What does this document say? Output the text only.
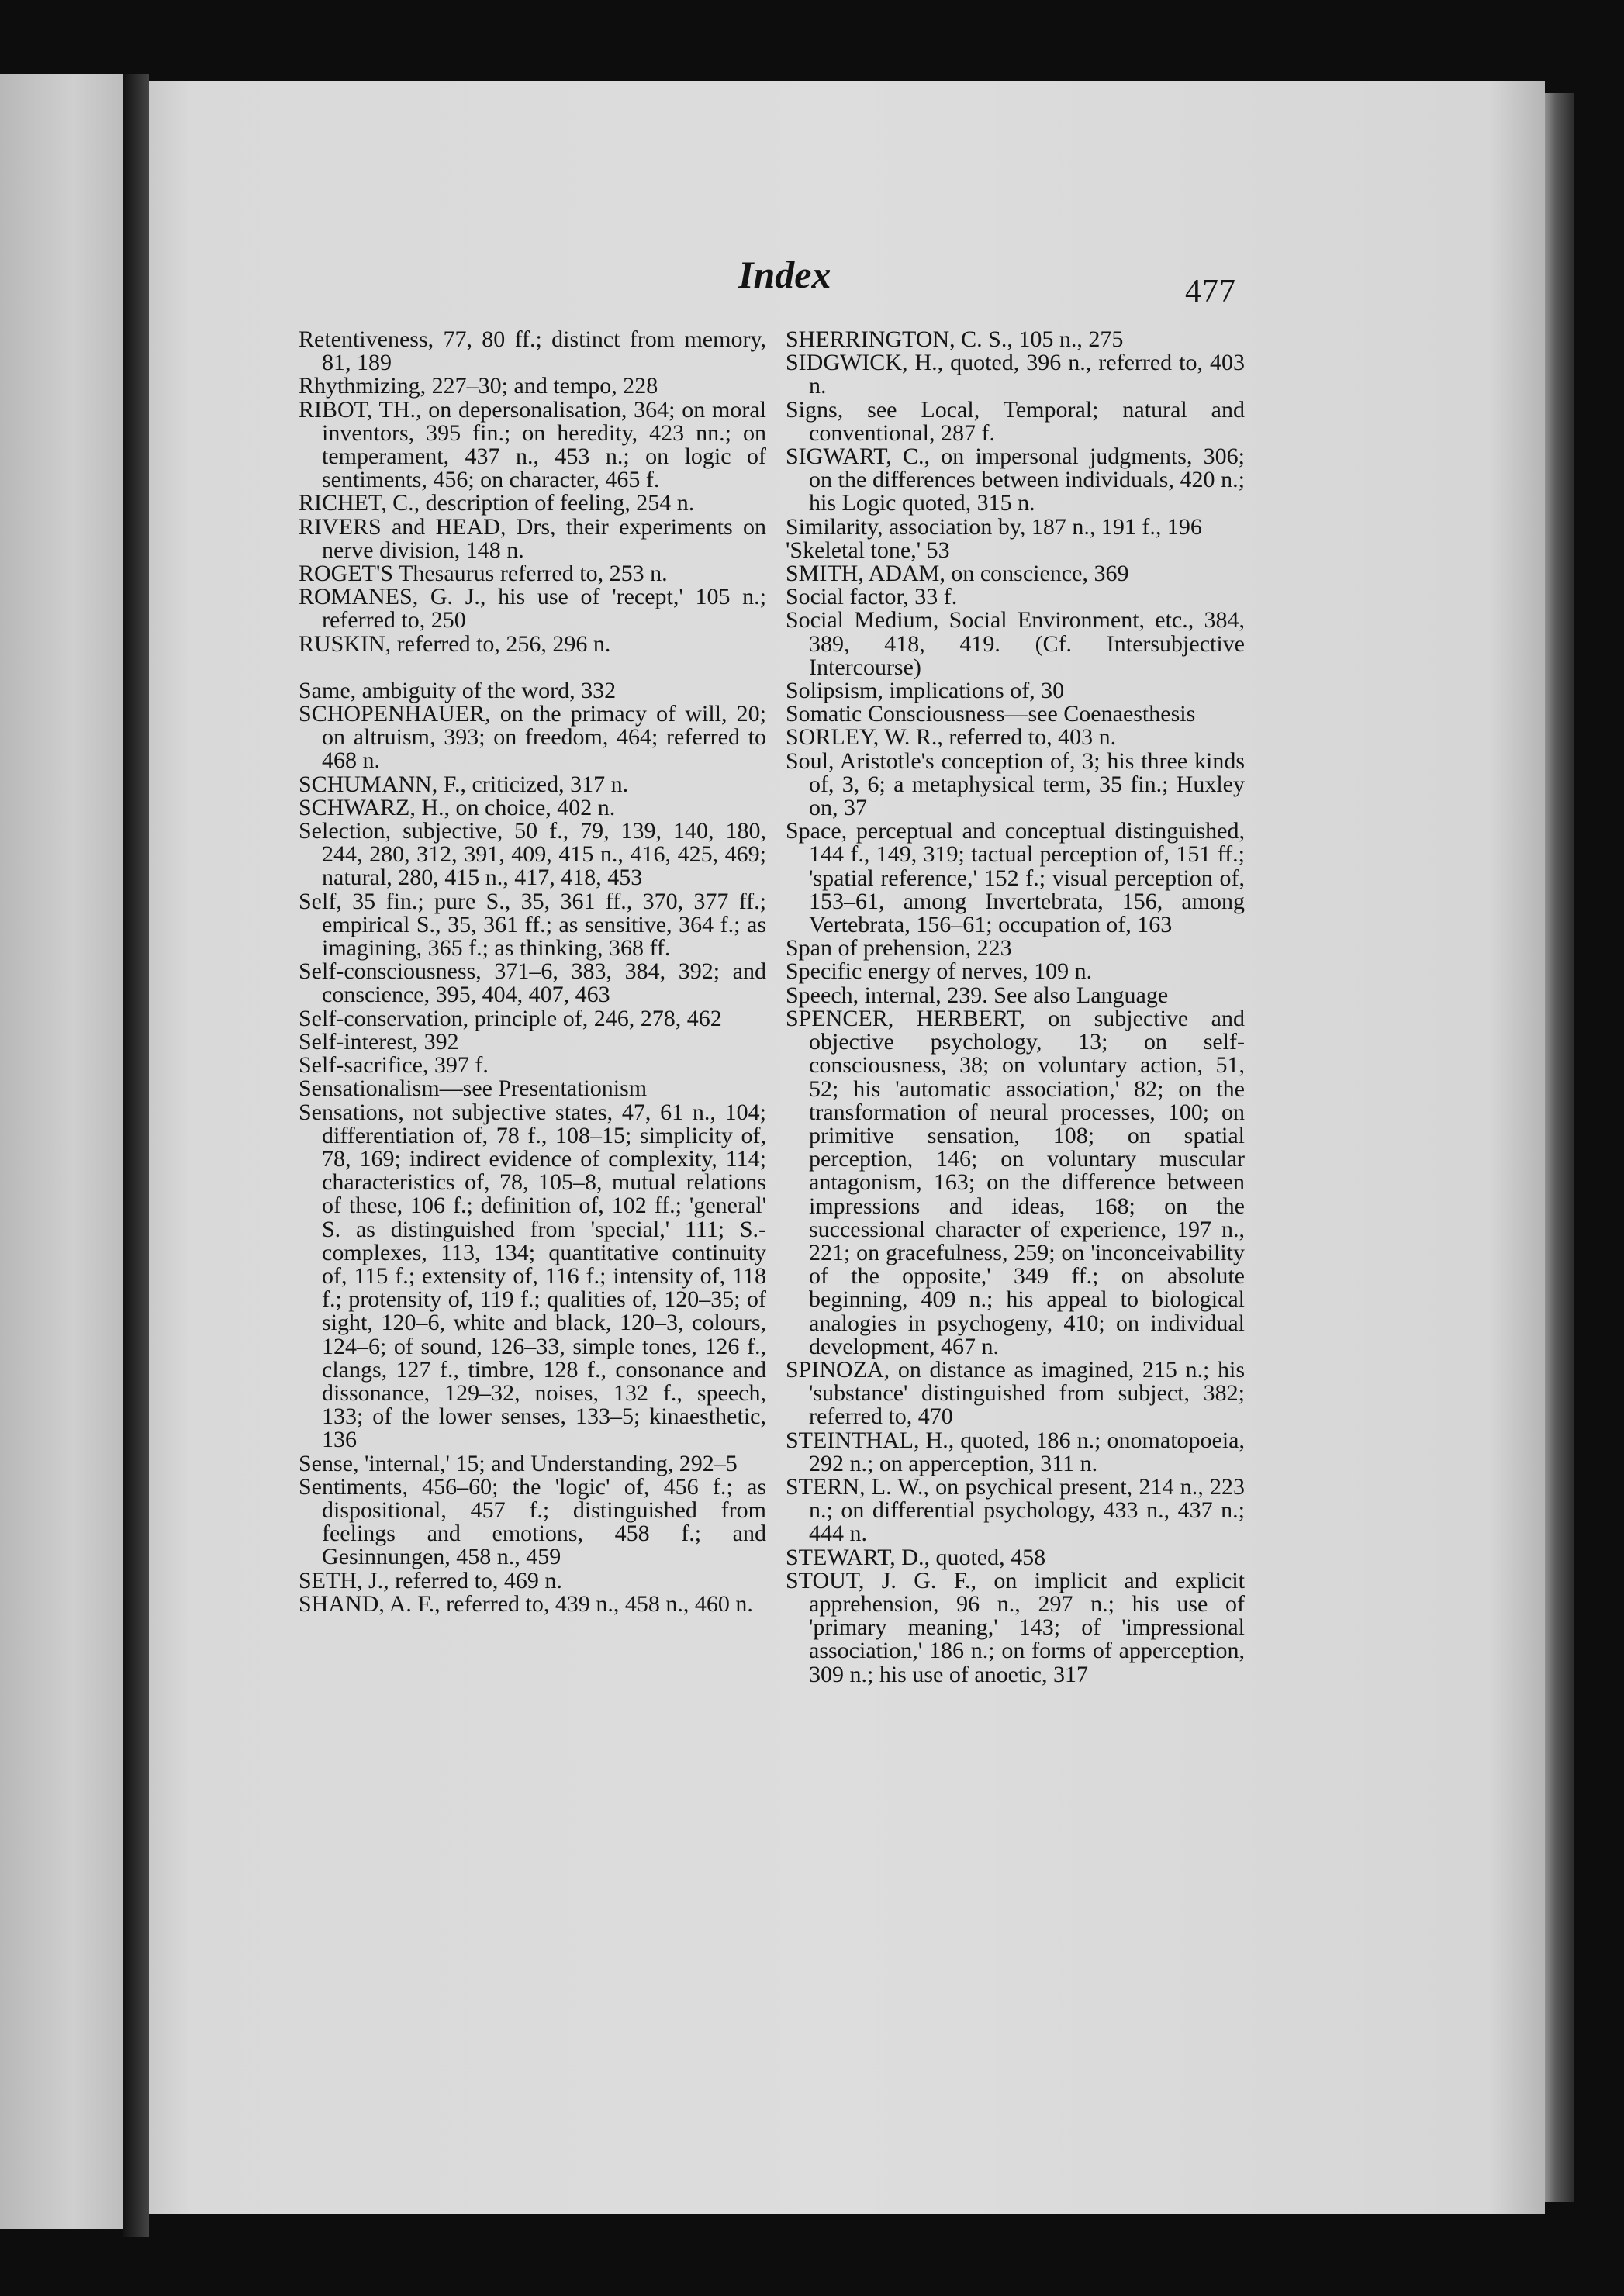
Index	477

Retentiveness, 77, 80 ff.; distinct from memory, 81, 189

Rhythmizing, 227–30; and tempo, 228

RIBOT, TH., on depersonalisation, 364; on moral inventors, 395 fin.; on heredity, 423 nn.; on temperament, 437 n., 453 n.; on logic of sentiments, 456; on character, 465 f.

RICHET, C., description of feeling, 254 n.

RIVERS and HEAD, Drs, their experiments on nerve division, 148 n.

ROGET'S Thesaurus referred to, 253 n.

ROMANES, G. J., his use of 'recept,' 105 n.; referred to, 250

RUSKIN, referred to, 256, 296 n.

Same, ambiguity of the word, 332

SCHOPENHAUER, on the primacy of will, 20; on altruism, 393; on freedom, 464; referred to 468 n.

SCHUMANN, F., criticized, 317 n.

SCHWARZ, H., on choice, 402 n.

Selection, subjective, 50 f., 79, 139, 140, 180, 244, 280, 312, 391, 409, 415 n., 416, 425, 469; natural, 280, 415 n., 417, 418, 453

Self, 35 fin.; pure S., 35, 361 ff., 370, 377 ff.; empirical S., 35, 361 ff.; as sensitive, 364 f.; as imagining, 365 f.; as thinking, 368 ff.

Self-consciousness, 371–6, 383, 384, 392; and conscience, 395, 404, 407, 463

Self-conservation, principle of, 246, 278, 462

Self-interest, 392

Self-sacrifice, 397 f.

Sensationalism—see Presentationism

Sensations, not subjective states, 47, 61 n., 104; differentiation of, 78 f., 108–15; simplicity of, 78, 169; indirect evidence of complexity, 114; characteristics of, 78, 105–8, mutual relations of these, 106 f.; definition of, 102 ff.; 'general' S. as distinguished from 'special,' 111; S.-complexes, 113, 134; quantitative continuity of, 115 f.; extensity of, 116 f.; intensity of, 118 f.; protensity of, 119 f.; qualities of, 120–35; of sight, 120–6, white and black, 120–3, colours, 124–6; of sound, 126–33, simple tones, 126 f., clangs, 127 f., timbre, 128 f., consonance and dissonance, 129–32, noises, 132 f., speech, 133; of the lower senses, 133–5; kinaesthetic, 136

Sense, 'internal,' 15; and Understanding, 292–5

Sentiments, 456–60; the 'logic' of, 456 f.; as dispositional, 457 f.; distinguished from feelings and emotions, 458 f.; and Gesinnungen, 458 n., 459

SETH, J., referred to, 469 n.

SHAND, A. F., referred to, 439 n., 458 n., 460 n.

SHERRINGTON, C. S., 105 n., 275

SIDGWICK, H., quoted, 396 n., referred to, 403 n.

Signs, see Local, Temporal; natural and conventional, 287 f.

SIGWART, C., on impersonal judgments, 306; on the differences between individuals, 420 n.; his Logic quoted, 315 n.

Similarity, association by, 187 n., 191 f., 196

'Skeletal tone,' 53

SMITH, ADAM, on conscience, 369

Social factor, 33 f.

Social Medium, Social Environment, etc., 384, 389, 418, 419. (Cf. Intersubjective Intercourse)

Solipsism, implications of, 30

Somatic Consciousness—see Coenaesthesis

SORLEY, W. R., referred to, 403 n.

Soul, Aristotle's conception of, 3; his three kinds of, 3, 6; a metaphysical term, 35 fin.; Huxley on, 37

Space, perceptual and conceptual distinguished, 144 f., 149, 319; tactual perception of, 151 ff.; 'spatial reference,' 152 f.; visual perception of, 153–61, among Invertebrata, 156, among Vertebrata, 156–61; occupation of, 163

Span of prehension, 223

Specific energy of nerves, 109 n.

Speech, internal, 239. See also Language

SPENCER, HERBERT, on subjective and objective psychology, 13; on self-consciousness, 38; on voluntary action, 51, 52; his 'automatic association,' 82; on the transformation of neural processes, 100; on primitive sensation, 108; on spatial perception, 146; on voluntary muscular antagonism, 163; on the difference between impressions and ideas, 168; on the successional character of experience, 197 n., 221; on gracefulness, 259; on 'inconceivability of the opposite,' 349 ff.; on absolute beginning, 409 n.; his appeal to biological analogies in psychogeny, 410; on individual development, 467 n.

SPINOZA, on distance as imagined, 215 n.; his 'substance' distinguished from subject, 382; referred to, 470

STEINTHAL, H., quoted, 186 n.; onomatopoeia, 292 n.; on apperception, 311 n.

STERN, L. W., on psychical present, 214 n., 223 n.; on differential psychology, 433 n., 437 n.; 444 n.

STEWART, D., quoted, 458

STOUT, J. G. F., on implicit and explicit apprehension, 96 n., 297 n.; his use of 'primary meaning,' 143; of 'impressional association,' 186 n.; on forms of apperception, 309 n.; his use of anoetic, 317
